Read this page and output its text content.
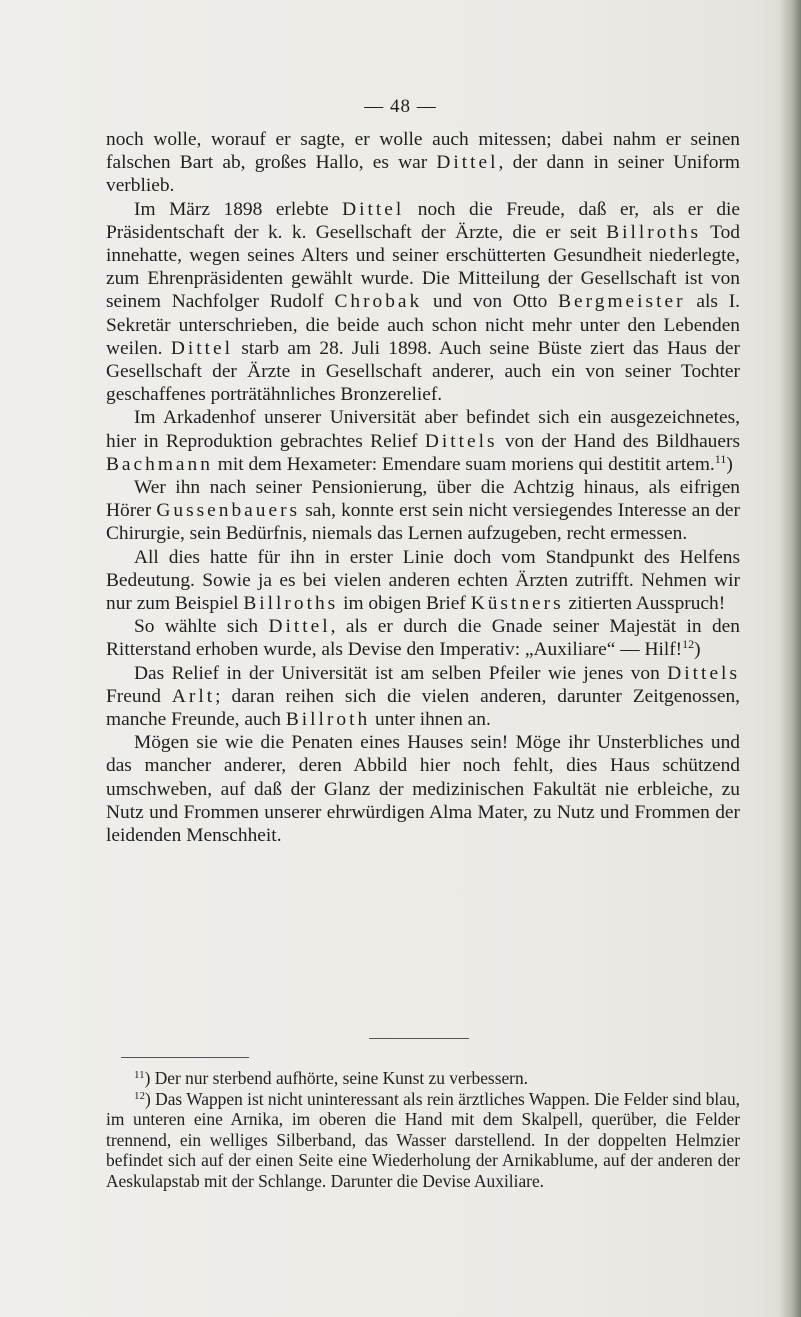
— 48 —

noch wolle, worauf er sagte, er wolle auch mitessen; dabei nahm er seinen falschen Bart ab, großes Hallo, es war Dittel, der dann in seiner Uniform verblieb.

Im März 1898 erlebte Dittel noch die Freude, daß er, als er die Präsidentschaft der k. k. Gesellschaft der Ärzte, die er seit Billroths Tod innehatte, wegen seines Alters und seiner erschütterten Gesundheit niederlegte, zum Ehrenpräsidenten gewählt wurde. Die Mitteilung der Gesellschaft ist von seinem Nachfolger Rudolf Chrobak und von Otto Bergmeister als I. Sekretär unterschrieben, die beide auch schon nicht mehr unter den Lebenden weilen. Dittel starb am 28. Juli 1898. Auch seine Büste ziert das Haus der Gesellschaft der Ärzte in Gesellschaft anderer, auch ein von seiner Tochter geschaffenes porträtähnliches Bronzerelief.

Im Arkadenhof unserer Universität aber befindet sich ein ausgezeichnetes, hier in Reproduktion gebrachtes Relief Dittels von der Hand des Bildhauers Bachmann mit dem Hexameter: Emendare suam moriens qui destitit artem.$^{11}$)

Wer ihn nach seiner Pensionierung, über die Achtzig hinaus, als eifrigen Hörer Gussenbauers sah, konnte erst sein nicht versiegendes Interesse an der Chirurgie, sein Bedürfnis, niemals das Lernen aufzugeben, recht ermessen.

All dies hatte für ihn in erster Linie doch vom Standpunkt des Helfens Bedeutung. Sowie ja es bei vielen anderen echten Ärzten zutrifft. Nehmen wir nur zum Beispiel Billroths im obigen Brief Küstners zitierten Ausspruch!

So wählte sich Dittel, als er durch die Gnade seiner Majestät in den Ritterstand erhoben wurde, als Devise den Imperativ: „Auxiliare“ — Hilf!$^{12}$)

Das Relief in der Universität ist am selben Pfeiler wie jenes von Dittels Freund Arlt; daran reihen sich die vielen anderen, darunter Zeitgenossen, manche Freunde, auch Billroth unter ihnen an.

Mögen sie wie die Penaten eines Hauses sein! Möge ihr Unsterbliches und das mancher anderer, deren Abbild hier noch fehlt, dies Haus schützend umschweben, auf daß der Glanz der medizinischen Fakultät nie erbleiche, zu Nutz und Frommen unserer ehrwürdigen Alma Mater, zu Nutz und Frommen der leidenden Menschheit.

$^{11}$) Der nur sterbend aufhörte, seine Kunst zu verbessern.

$^{12}$) Das Wappen ist nicht uninteressant als rein ärztliches Wappen. Die Felder sind blau, im unteren eine Arnika, im oberen die Hand mit dem Skalpell, querüber, die Felder trennend, ein welliges Silberband, das Wasser darstellend. In der doppelten Helmzier befindet sich auf der einen Seite eine Wiederholung der Arnikablume, auf der anderen der Aeskulapstab mit der Schlange. Darunter die Devise Auxiliare.
